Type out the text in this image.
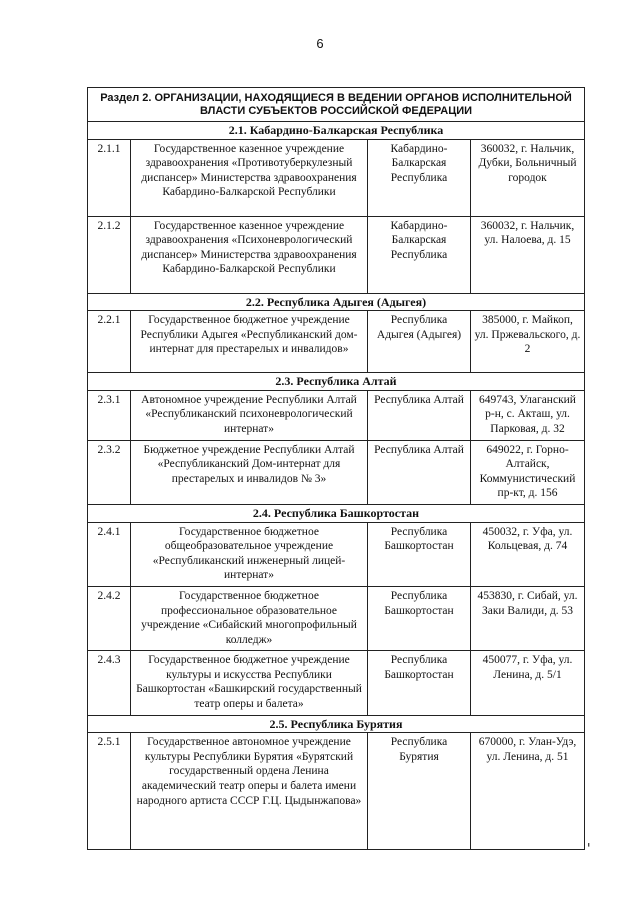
6
Раздел 2. ОРГАНИЗАЦИИ, НАХОДЯЩИЕСЯ В ВЕДЕНИИ ОРГАНОВ ИСПОЛНИТЕЛЬНОЙ ВЛАСТИ СУБЪЕКТОВ РОССИЙСКОЙ ФЕДЕРАЦИИ			
2.1. Кабардино-Балкарская Республика			
2.1.1	Государственное казенное учреждение здравоохранения «Противотуберкулезный диспансер» Министерства здравоохранения Кабардино-Балкарской Республики	Кабардино-Балкарская Республика	360032, г. Нальчик, Дубки, Больничный городок
2.1.2	Государственное казенное учреждение здравоохранения «Психоневрологический диспансер» Министерства здравоохранения Кабардино-Балкарской Республики	Кабардино-Балкарская Республика	360032, г. Нальчик, ул. Налоева, д. 15
2.2. Республика Адыгея (Адыгея)			
2.2.1	Государственное бюджетное учреждение Республики Адыгея «Республиканский дом-интернат для престарелых и инвалидов»	Республика Адыгея (Адыгея)	385000, г. Майкоп, ул. Пржевальского, д. 2
2.3. Республика Алтай			
2.3.1	Автономное учреждение Республики Алтай «Республиканский психоневрологический интернат»	Республика Алтай	649743, Улаганский р-н, с. Акташ, ул. Парковая, д. 32
2.3.2	Бюджетное учреждение Республики Алтай «Республиканский Дом-интернат для престарелых и инвалидов № 3»	Республика Алтай	649022, г. Горно-Алтайск, Коммунистический пр-кт, д. 156
2.4. Республика Башкортостан			
2.4.1	Государственное бюджетное общеобразовательное учреждение «Республиканский инженерный лицей-интернат»	Республика Башкортостан	450032, г. Уфа, ул. Кольцевая, д. 74
2.4.2	Государственное бюджетное профессиональное образовательное учреждение «Сибайский многопрофильный колледж»	Республика Башкортостан	453830, г. Сибай, ул. Заки Валиди, д. 53
2.4.3	Государственное бюджетное учреждение культуры и искусства Республики Башкортостан «Башкирский государственный театр оперы и балета»	Республика Башкортостан	450077, г. Уфа, ул. Ленина, д. 5/1
2.5. Республика Бурятия			
2.5.1	Государственное автономное учреждение культуры Республики Бурятия «Бурятский государственный ордена Ленина академический театр оперы и балета имени народного артиста СССР Г.Ц. Цыдынжапова»	Республика Бурятия	670000, г. Улан-Удэ, ул. Ленина, д. 51
